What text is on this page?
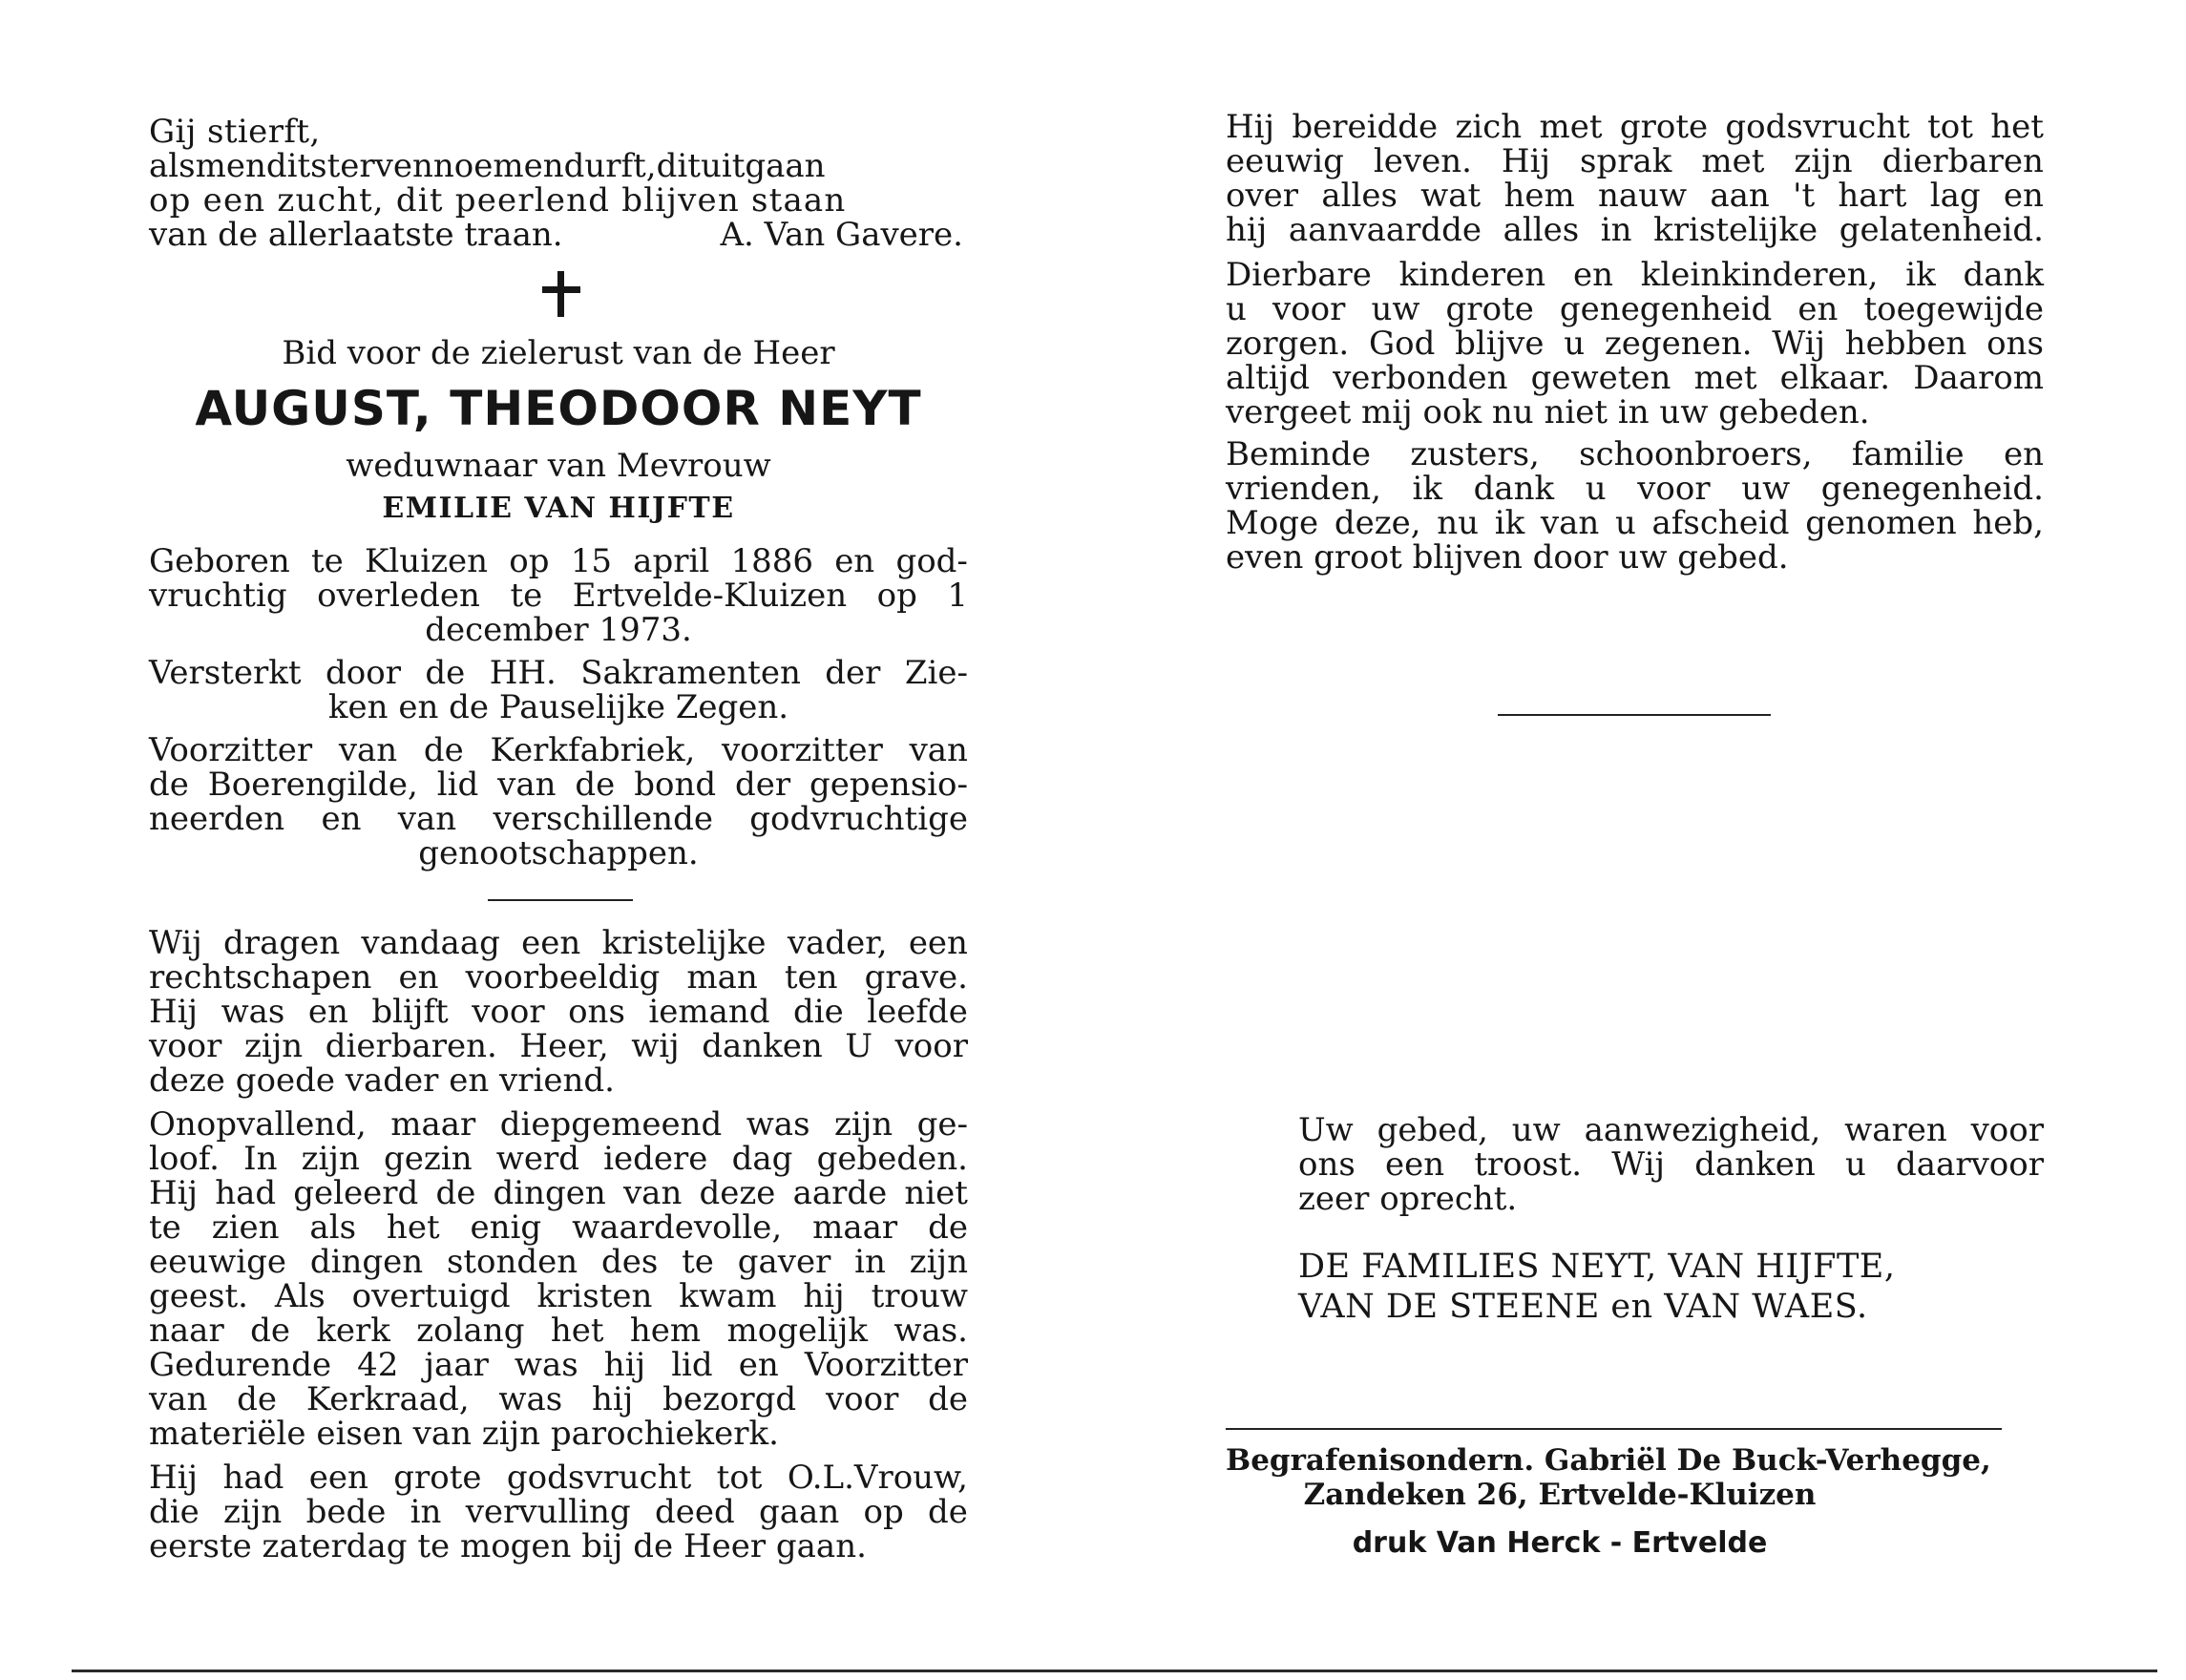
Gij stierft,
alsmenditstervennoemendurft,dituitgaan
op een zucht, dit peerlend blijven staan
van de allerlaatste traan.	A. Van Gavere.
Bid voor de zielerust van de Heer
AUGUST, THEODOOR NEYT
weduwnaar van Mevrouw
EMILIE VAN HIJFTE
Geboren te Kluizen op 15 april 1886 en god-
vruchtig overleden te Ertvelde-Kluizen op 1
december 1973.
Versterkt door de HH. Sakramenten der Zie-
ken en de Pauselijke Zegen.
Voorzitter van de Kerkfabriek, voorzitter van
de Boerengilde, lid van de bond der gepensio-
neerden en van verschillende godvruchtige
genootschappen.
Wij dragen vandaag een kristelijke vader, een
rechtschapen en voorbeeldig man ten grave.
Hij was en blijft voor ons iemand die leefde
voor zijn dierbaren. Heer, wij danken U voor
deze goede vader en vriend.
Onopvallend, maar diepgemeend was zijn ge-
loof. In zijn gezin werd iedere dag gebeden.
Hij had geleerd de dingen van deze aarde niet
te zien als het enig waardevolle, maar de
eeuwige dingen stonden des te gaver in zijn
geest. Als overtuigd kristen kwam hij trouw
naar de kerk zolang het hem mogelijk was.
Gedurende 42 jaar was hij lid en Voorzitter
van de Kerkraad, was hij bezorgd voor de
materiële eisen van zijn parochiekerk.
Hij had een grote godsvrucht tot O.L.Vrouw,
die zijn bede in vervulling deed gaan op de
eerste zaterdag te mogen bij de Heer gaan.
Hij bereidde zich met grote godsvrucht tot het
eeuwig leven. Hij sprak met zijn dierbaren
over alles wat hem nauw aan 't hart lag en
hij aanvaardde alles in kristelijke gelatenheid.
Dierbare kinderen en kleinkinderen, ik dank
u voor uw grote genegenheid en toegewijde
zorgen. God blijve u zegenen. Wij hebben ons
altijd verbonden geweten met elkaar. Daarom
vergeet mij ook nu niet in uw gebeden.
Beminde zusters, schoonbroers, familie en
vrienden, ik dank u voor uw genegenheid.
Moge deze, nu ik van u afscheid genomen heb,
even groot blijven door uw gebed.
Uw gebed, uw aanwezigheid, waren voor
ons een troost. Wij danken u daarvoor
zeer oprecht.
DE FAMILIES NEYT, VAN HIJFTE,
VAN DE STEENE en VAN WAES.
Begrafenisondern. Gabriël De Buck-Verhegge,
Zandeken 26, Ertvelde-Kluizen
druk Van Herck - Ertvelde
